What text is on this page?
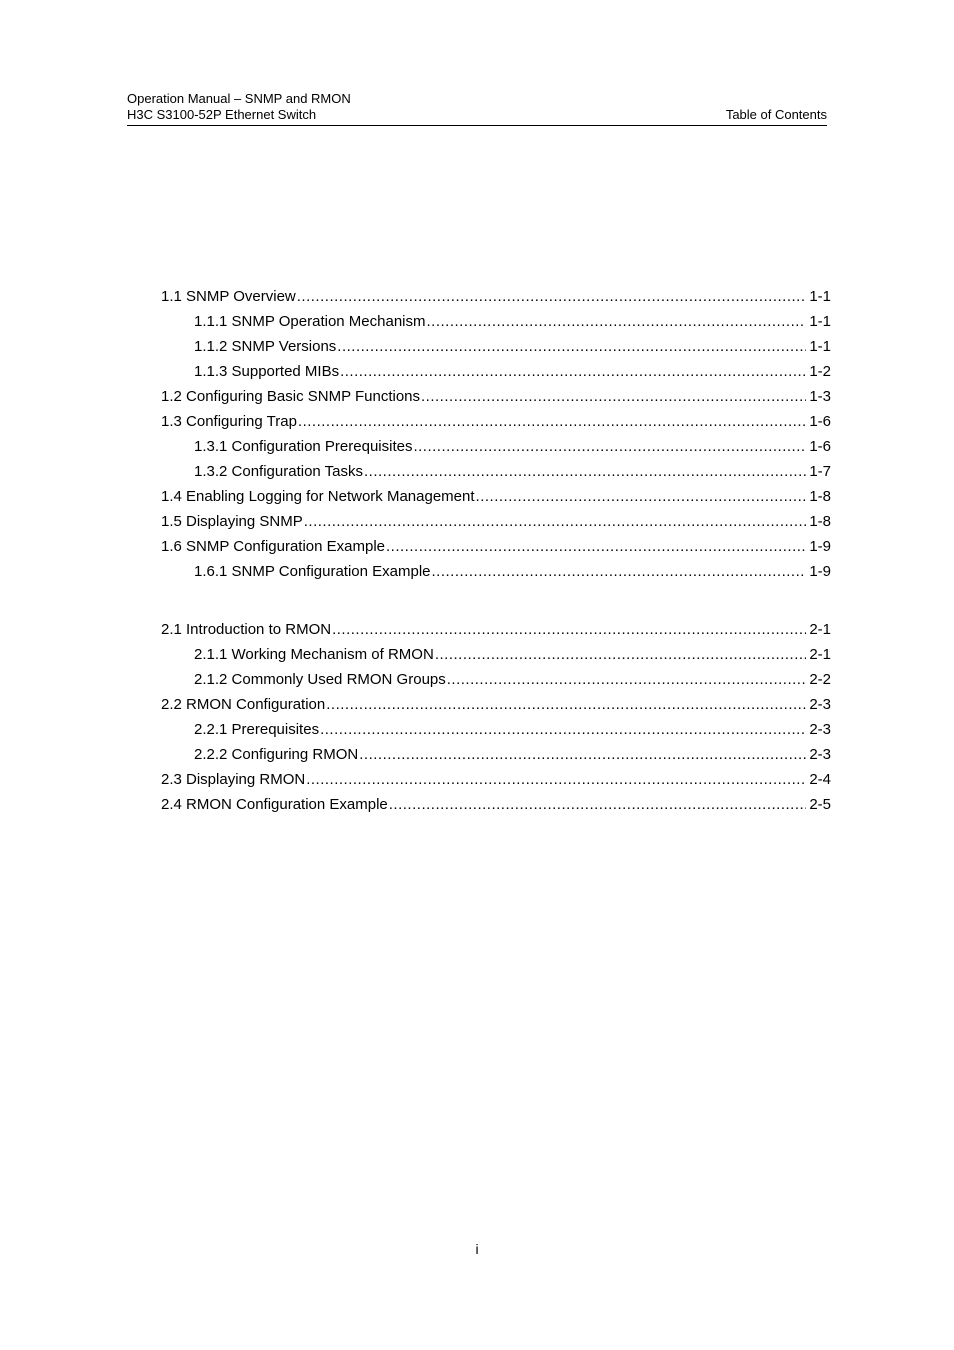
Operation Manual – SNMP and RMON
H3C S3100-52P Ethernet Switch	Table of Contents
1.1 SNMP Overview .....	1-1
1.1.1 SNMP Operation Mechanism .....	1-1
1.1.2 SNMP Versions .....	1-1
1.1.3 Supported MIBs .....	1-2
1.2 Configuring Basic SNMP Functions .....	1-3
1.3 Configuring Trap .....	1-6
1.3.1 Configuration Prerequisites .....	1-6
1.3.2 Configuration Tasks .....	1-7
1.4 Enabling Logging for Network Management .....	1-8
1.5 Displaying SNMP .....	1-8
1.6 SNMP Configuration Example .....	1-9
1.6.1 SNMP Configuration Example .....	1-9
2.1 Introduction to RMON .....	2-1
2.1.1 Working Mechanism of RMON .....	2-1
2.1.2 Commonly Used RMON Groups .....	2-2
2.2 RMON Configuration .....	2-3
2.2.1 Prerequisites .....	2-3
2.2.2 Configuring RMON .....	2-3
2.3 Displaying RMON .....	2-4
2.4 RMON Configuration Example .....	2-5
i
